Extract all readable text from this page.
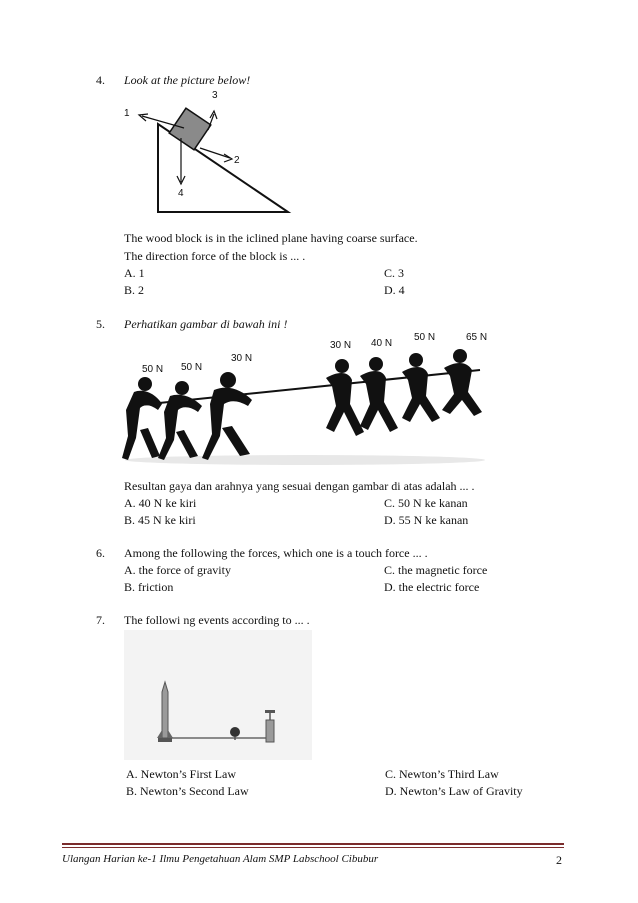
4. Look at the picture below!
1
2
3
4
The wood block is in the iclined plane having coarse surface.
The direction force of the block is ... .
A. 1	C. 3
B. 2	D. 4
5. Perhatikan gambar di bawah ini !
50 N 50 N
30 N
30 N 40 N
50 N	65 N
Resultan gaya dan arahnya yang sesuai dengan gambar di atas adalah ... .
A. 40 N ke kiri	C. 50 N ke kanan
B. 45 N ke kiri	D. 55 N ke kanan
6. Among the following the forces, which one is a touch force ... .
A. the force of gravity	C. the magnetic force
B. friction	D. the electric force
7. The followi ng events according to ... .
A. Newton’s First Law	C. Newton’s Third Law
B. Newton’s Second Law	D. Newton’s Law of Gravity
Ulangan Harian ke-1 Ilmu Pengetahuan Alam SMP Labschool Cibubur	2
